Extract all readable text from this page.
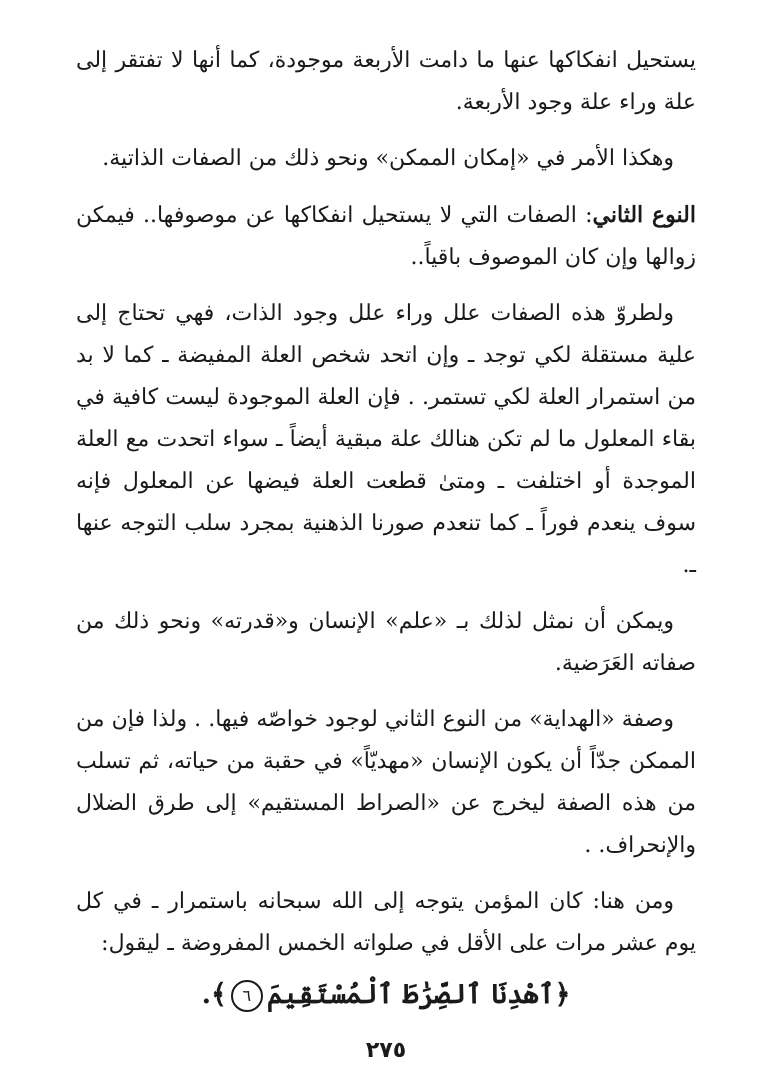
يستحيل انفكاكها عنها ما دامت الأربعة موجودة، كما أنها لا تفتقر إلى علة وراء علة وجود الأربعة.

وهكذا الأمر في «إمكان الممكن» ونحو ذلك من الصفات الذاتية.

النوع الثاني: الصفات التي لا يستحيل انفكاكها عن موصوفها.. فيمكن زوالها وإن كان الموصوف باقياً..

ولطروّ هذه الصفات علل وراء علل وجود الذات، فهي تحتاج إلى علية مستقلة لكي توجد ـ وإن اتحد شخص العلة المفيضة ـ كما لا بد من استمرار العلة لكي تستمر. . فإن العلة الموجودة ليست كافية في بقاء المعلول ما لم تكن هنالك علة مبقية أيضاً ـ سواء اتحدت مع العلة الموجدة أو اختلفت ـ ومتىٰ قطعت العلة فيضها عن المعلول فإنه سوف ينعدم فوراً ـ كما تنعدم صورنا الذهنية بمجرد سلب التوجه عنها ـ.

ويمكن أن نمثل لذلك بـ «علم» الإنسان و«قدرته» ونحو ذلك من صفاته العَرَضية.

وصفة «الهداية» من النوع الثاني لوجود خواصّه فيها. . ولذا فإن من الممكن جدّاً أن يكون الإنسان «مهديّاً» في حقبة من حياته، ثم تسلب من هذه الصفة ليخرج عن «الصراط المستقيم» إلى طرق الضلال والإنحراف. .

ومن هنا: كان المؤمن يتوجه إلى الله سبحانه باستمرار ـ في كل يوم عشر مرات على الأقل في صلواته الخمس المفروضة ـ ليقول:

﴿ٱهْدِنَا ٱلصِّرَٰطَ ٱلْمُسْتَقِيمَ٦﴾.

٢٧٥
